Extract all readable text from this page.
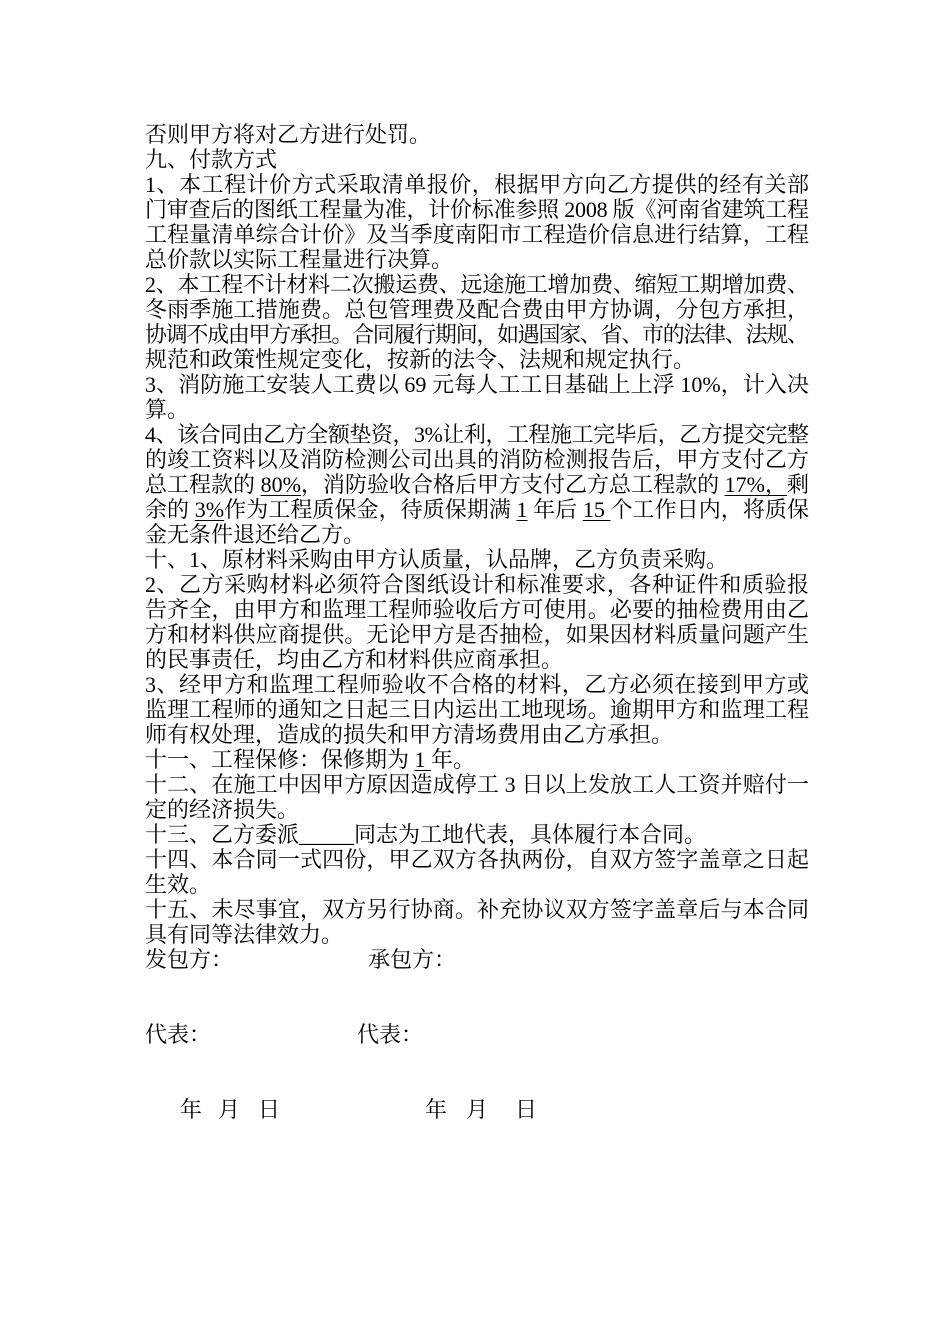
否则甲方将对乙方进行处罚。
九、付款方式
1、本工程计价方式采取清单报价，根据甲方向乙方提供的经有关部
门审查后的图纸工程量为准，计价标准参照 2008 版《河南省建筑工程
工程量清单综合计价》及当季度南阳市工程造价信息进行结算，工程
总价款以实际工程量进行决算。
2、本工程不计材料二次搬运费、远途施工增加费、缩短工期增加费、
冬雨季施工措施费。总包管理费及配合费由甲方协调，分包方承担，
协调不成由甲方承担。合同履行期间，如遇国家、省、市的法律、法规、
规范和政策性规定变化，按新的法令、法规和规定执行。
3、消防施工安装人工费以 69 元每人工工日基础上上浮 10%，计入决
算。
4、该合同由乙方全额垫资，3%让利，工程施工完毕后，乙方提交完整
的竣工资料以及消防检测公司出具的消防检测报告后，甲方支付乙方
总工程款的 80%，消防验收合格后甲方支付乙方总工程款的 17%，剩
余的 3%作为工程质保金，待质保期满 1 年后 15 个工作日内，将质保
金无条件退还给乙方。
十、1、原材料采购由甲方认质量，认品牌，乙方负责采购。
2、乙方采购材料必须符合图纸设计和标准要求，各种证件和质验报
告齐全，由甲方和监理工程师验收后方可使用。必要的抽检费用由乙
方和材料供应商提供。无论甲方是否抽检，如果因材料质量问题产生
的民事责任，均由乙方和材料供应商承担。
3、经甲方和监理工程师验收不合格的材料，乙方必须在接到甲方或
监理工程师的通知之日起三日内运出工地现场。逾期甲方和监理工程
师有权处理，造成的损失和甲方清场费用由乙方承担。
十一、工程保修：保修期为 1 年。
十二、在施工中因甲方原因造成停工 3 日以上发放工人工资并赔付一
定的经济损失。
十三、乙方委派_____同志为工地代表，具体履行本合同。
十四、本合同一式四份，甲乙双方各执两份，自双方签字盖章之日起
生效。
十五、未尽事宜，双方另行协商。补充协议双方签字盖章后与本合同
具有同等法律效力。
发包方：	承包方：
代表：	代表：
年 月 日	年 月 日
